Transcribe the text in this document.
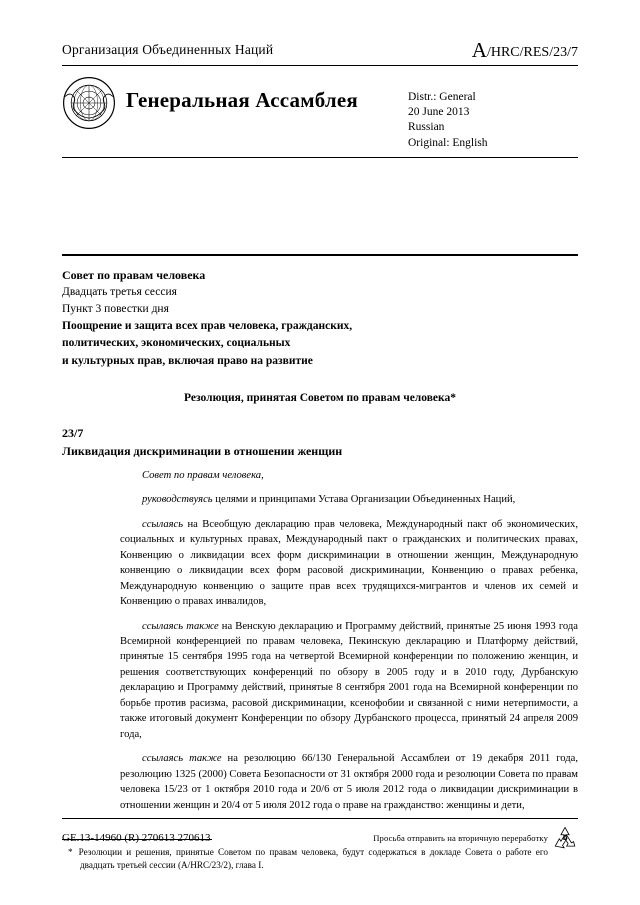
Организация Объединенных Наций	A/HRC/RES/23/7
Генеральная Ассамблея	Distr.: General
20 June 2013
Russian
Original: English
Совет по правам человека
Двадцать третья сессия
Пункт 3 повестки дня
Поощрение и защита всех прав человека, гражданских,
политических, экономических, социальных
и культурных прав, включая право на развитие
Резолюция, принятая Советом по правам человека*
23/7
Ликвидация дискриминации в отношении женщин
Совет по правам человека,
руководствуясь целями и принципами Устава Организации Объединенных Наций,
ссылаясь на Всеобщую декларацию прав человека, Международный пакт об экономических, социальных и культурных правах, Международный пакт о гражданских и политических правах, Конвенцию о ликвидации всех форм дискриминации в отношении женщин, Международную конвенцию о ликвидации всех форм расовой дискриминации, Конвенцию о правах ребенка, Международную конвенцию о защите прав всех трудящихся-мигрантов и членов их семей и Конвенцию о правах инвалидов,
ссылаясь также на Венскую декларацию и Программу действий, принятые 25 июня 1993 года Всемирной конференцией по правам человека, Пекинскую декларацию и Платформу действий, принятые 15 сентября 1995 года на четвертой Всемирной конференции по положению женщин, и решения соответствующих конференций по обзору в 2005 году и в 2010 году, Дурбанскую декларацию и Программу действий, принятые 8 сентября 2001 года на Всемирной конференции по борьбе против расизма, расовой дискриминации, ксенофобии и связанной с ними нетерпимости, а также итоговый документ Конференции по обзору Дурбанского процесса, принятый 24 апреля 2009 года,
ссылаясь также на резолюцию 66/130 Генеральной Ассамблеи от 19 декабря 2011 года, резолюцию 1325 (2000) Совета Безопасности от 31 октября 2000 года и резолюции Совета по правам человека 15/23 от 1 октября 2010 года и 20/6 от 5 июля 2012 года о ликвидации дискриминации в отношении женщин и 20/4 от 5 июля 2012 года о праве на гражданство: женщины и дети,
* Резолюции и решения, принятые Советом по правам человека, будут содержаться в докладе Совета о работе его двадцать третьей сессии (A/HRC/23/2), глава I.
GE.13-14960 (R) 270613 270613	Просьба отправить на вторичную переработку
